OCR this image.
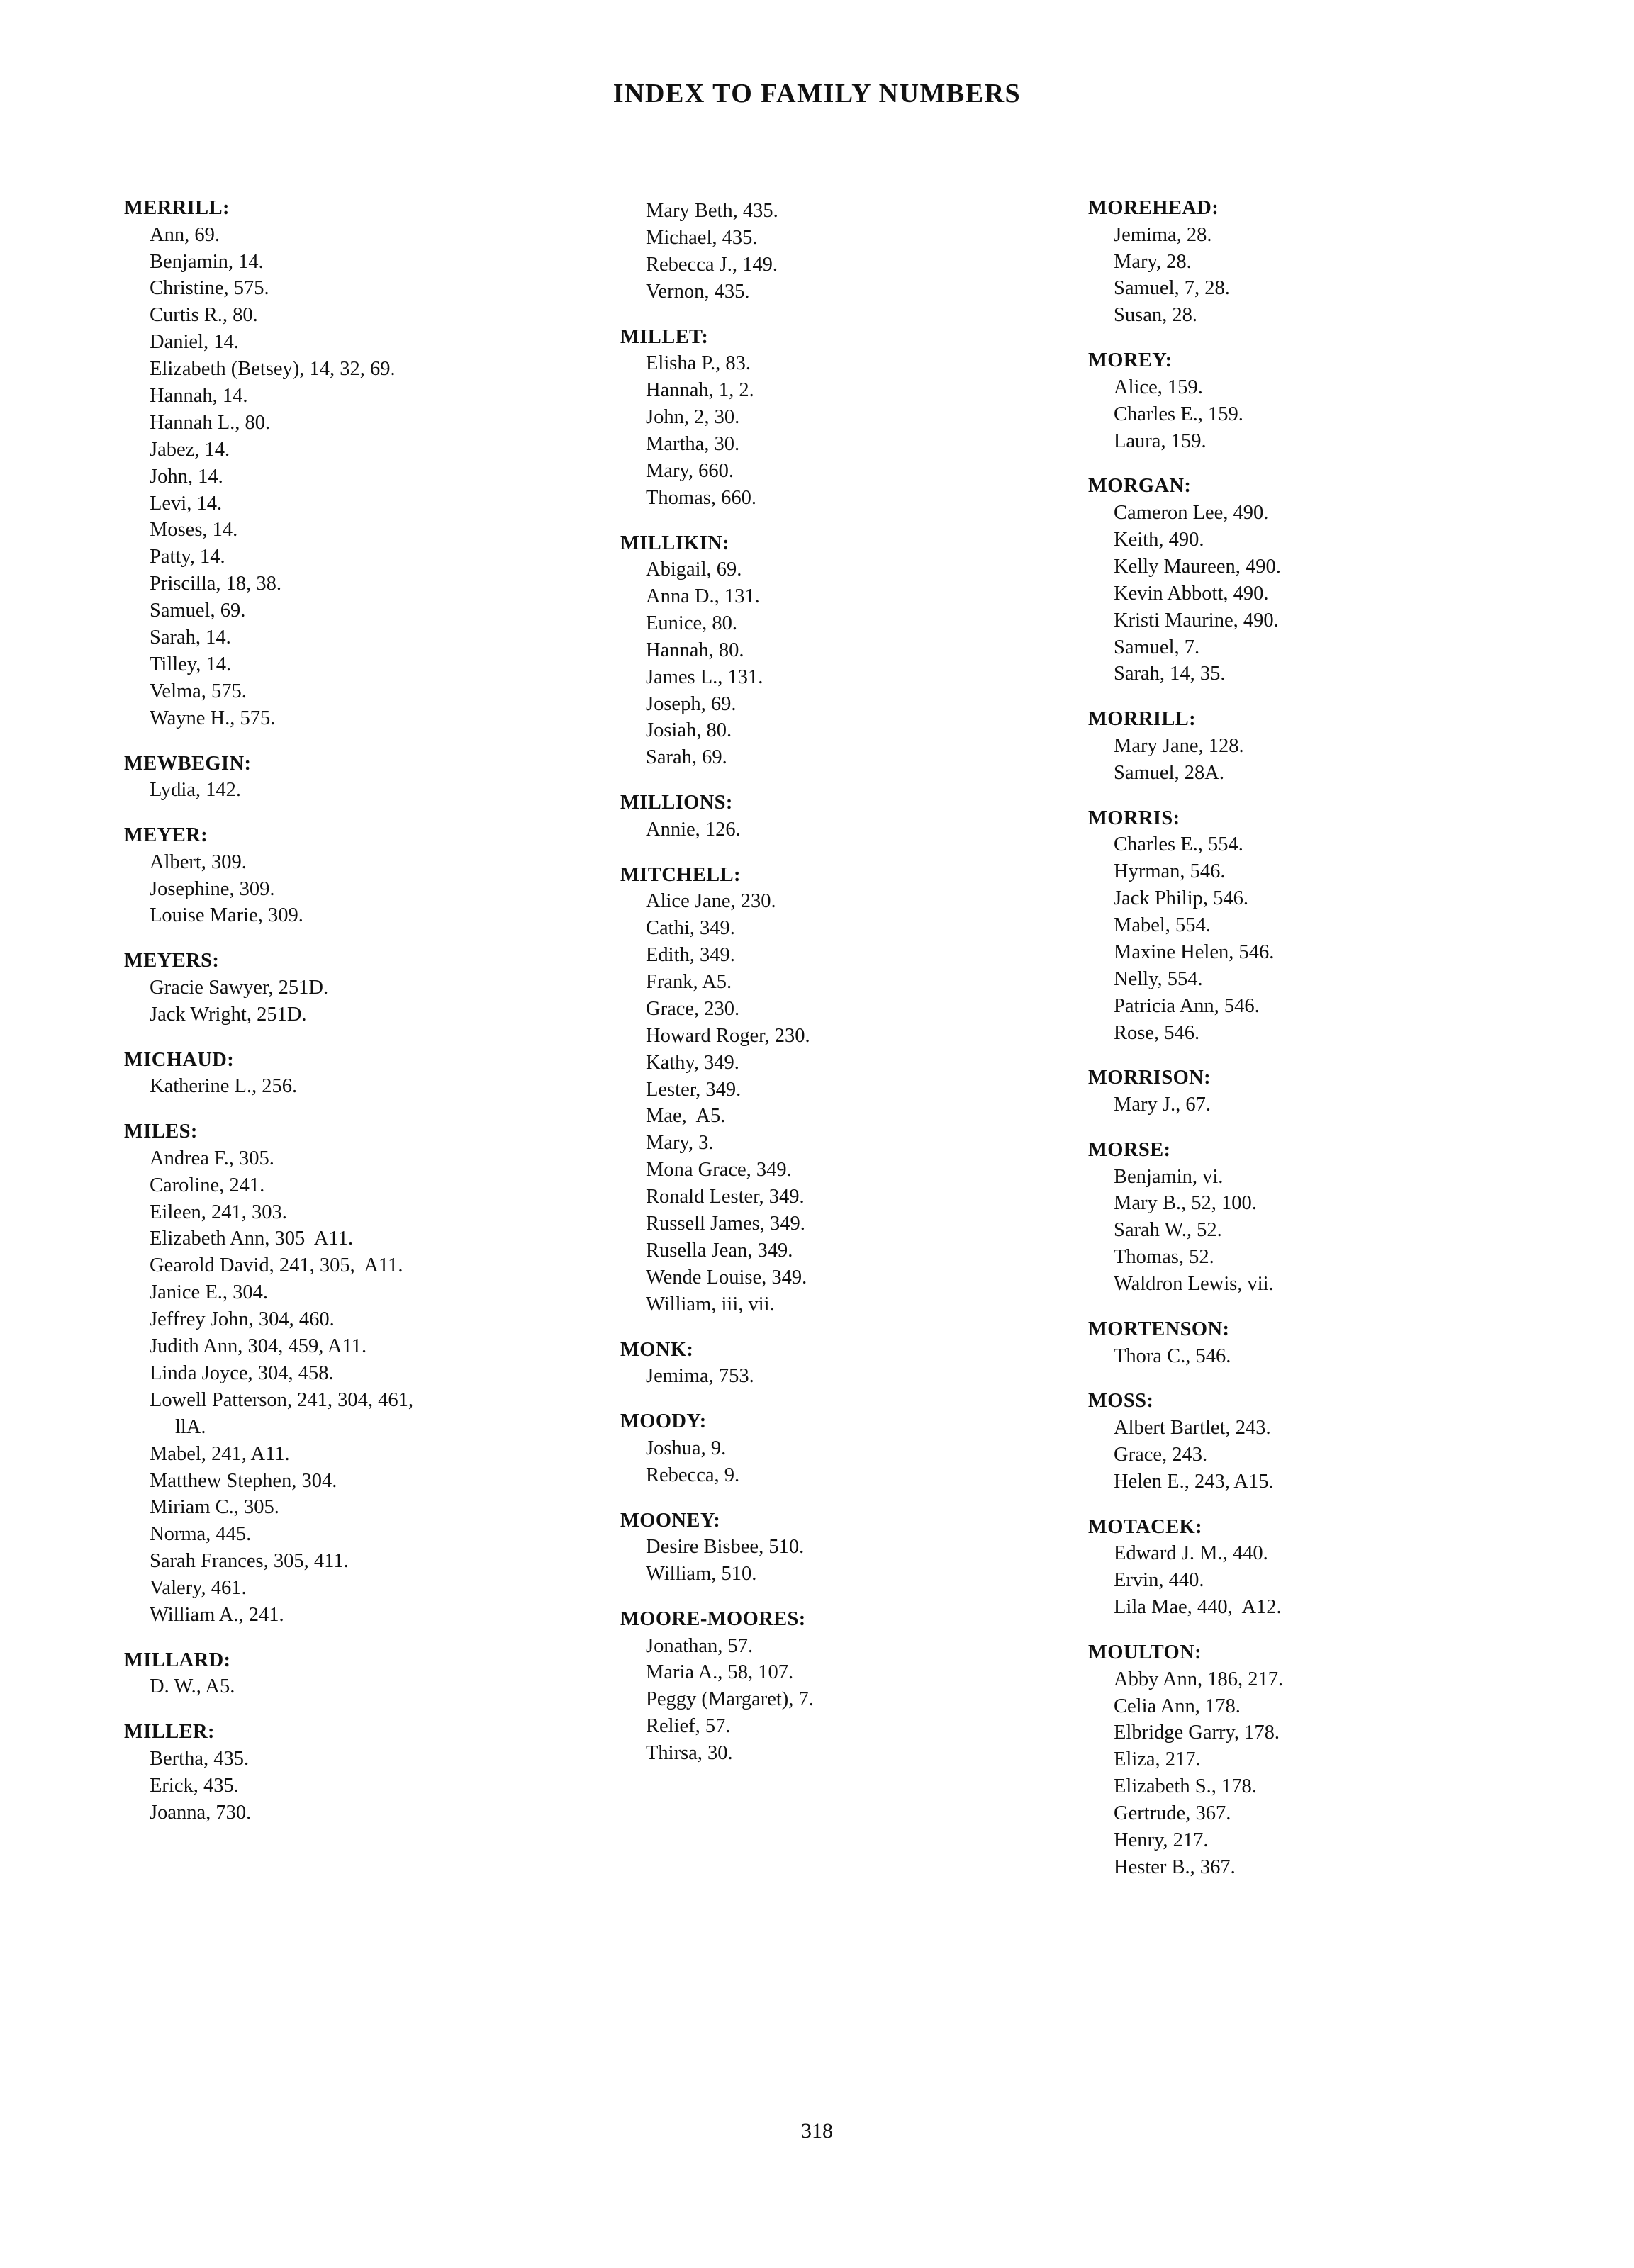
INDEX TO FAMILY NUMBERS
MERRILL:
Ann, 69.
Benjamin, 14.
Christine, 575.
Curtis R., 80.
Daniel, 14.
Elizabeth (Betsey), 14, 32, 69.
Hannah, 14.
Hannah L., 80.
Jabez, 14.
John, 14.
Levi, 14.
Moses, 14.
Patty, 14.
Priscilla, 18, 38.
Samuel, 69.
Sarah, 14.
Tilley, 14.
Velma, 575.
Wayne H., 575.
MEWBEGIN:
Lydia, 142.
MEYER:
Albert, 309.
Josephine, 309.
Louise Marie, 309.
MEYERS:
Gracie Sawyer, 251D.
Jack Wright, 251D.
MICHAUD:
Katherine L., 256.
MILES:
Andrea F., 305.
Caroline, 241.
Eileen, 241, 303.
Elizabeth Ann, 305  A11.
Gearold David, 241, 305,  A11.
Janice E., 304.
Jeffrey John, 304, 460.
Judith Ann, 304, 459, A11.
Linda Joyce, 304, 458.
Lowell Patterson, 241, 304, 461,
llA.
Mabel, 241, A11.
Matthew Stephen, 304.
Miriam C., 305.
Norma, 445.
Sarah Frances, 305, 411.
Valery, 461.
William A., 241.
MILLARD:
D. W., A5.
MILLER:
Bertha, 435.
Erick, 435.
Joanna, 730.
Mary Beth, 435.
Michael, 435.
Rebecca J., 149.
Vernon, 435.
MILLET:
Elisha P., 83.
Hannah, 1, 2.
John, 2, 30.
Martha, 30.
Mary, 660.
Thomas, 660.
MILLIKIN:
Abigail, 69.
Anna D., 131.
Eunice, 80.
Hannah, 80.
James L., 131.
Joseph, 69.
Josiah, 80.
Sarah, 69.
MILLIONS:
Annie, 126.
MITCHELL:
Alice Jane, 230.
Cathi, 349.
Edith, 349.
Frank, A5.
Grace, 230.
Howard Roger, 230.
Kathy, 349.
Lester, 349.
Mae,  A5.
Mary, 3.
Mona Grace, 349.
Ronald Lester, 349.
Russell James, 349.
Rusella Jean, 349.
Wende Louise, 349.
William, iii, vii.
MONK:
Jemima, 753.
MOODY:
Joshua, 9.
Rebecca, 9.
MOONEY:
Desire Bisbee, 510.
William, 510.
MOORE-MOORES:
Jonathan, 57.
Maria A., 58, 107.
Peggy (Margaret), 7.
Relief, 57.
Thirsa, 30.
MOREHEAD:
Jemima, 28.
Mary, 28.
Samuel, 7, 28.
Susan, 28.
MOREY:
Alice, 159.
Charles E., 159.
Laura, 159.
MORGAN:
Cameron Lee, 490.
Keith, 490.
Kelly Maureen, 490.
Kevin Abbott, 490.
Kristi Maurine, 490.
Samuel, 7.
Sarah, 14, 35.
MORRILL:
Mary Jane, 128.
Samuel, 28A.
MORRIS:
Charles E., 554.
Hyrman, 546.
Jack Philip, 546.
Mabel, 554.
Maxine Helen, 546.
Nelly, 554.
Patricia Ann, 546.
Rose, 546.
MORRISON:
Mary J., 67.
MORSE:
Benjamin, vi.
Mary B., 52, 100.
Sarah W., 52.
Thomas, 52.
Waldron Lewis, vii.
MORTENSON:
Thora C., 546.
MOSS:
Albert Bartlet, 243.
Grace, 243.
Helen E., 243, A15.
MOTACEK:
Edward J. M., 440.
Ervin, 440.
Lila Mae, 440,  A12.
MOULTON:
Abby Ann, 186, 217.
Celia Ann, 178.
Elbridge Garry, 178.
Eliza, 217.
Elizabeth S., 178.
Gertrude, 367.
Henry, 217.
Hester B., 367.
318
